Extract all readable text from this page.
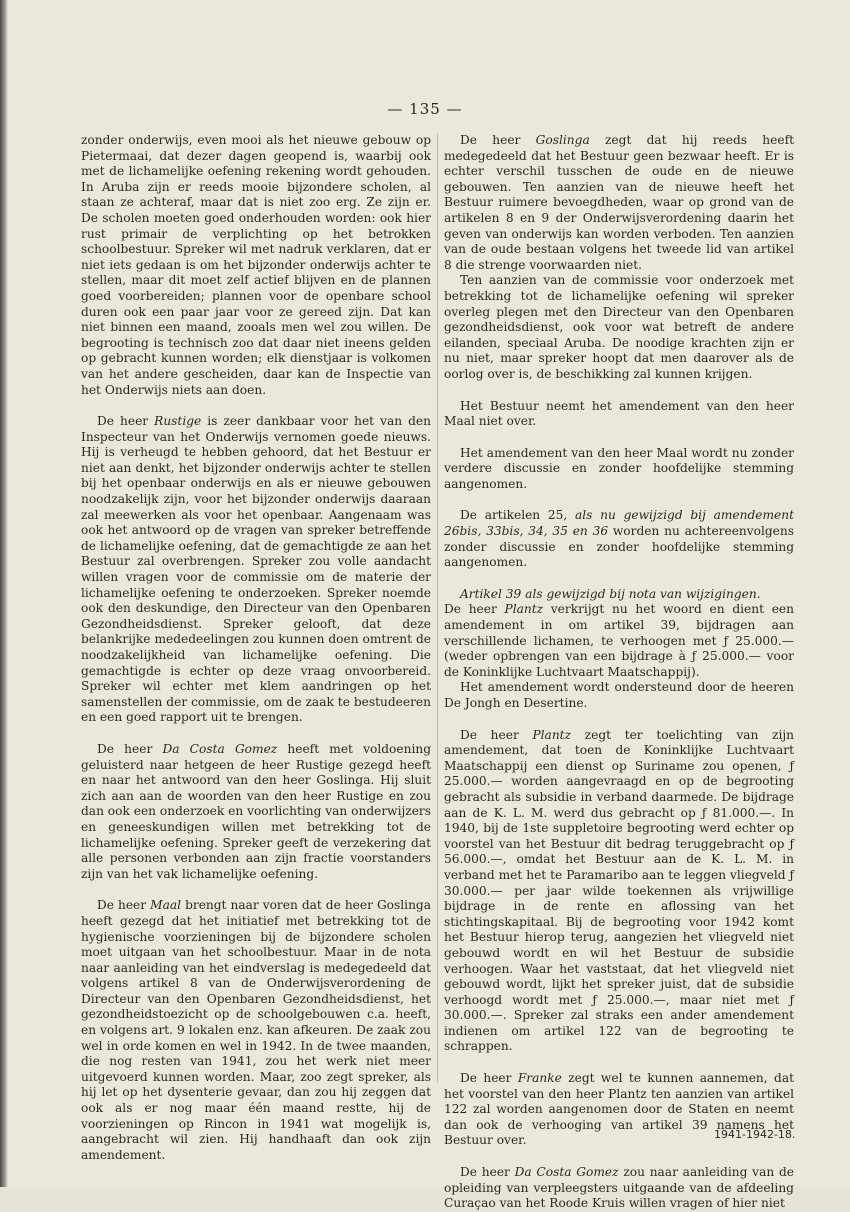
— 135 —

zonder onderwijs, even mooi als het nieuwe gebouw op Pietermaai, dat dezer dagen geopend is, waarbij ook met de lichamelijke oefening rekening wordt gehouden. In Aruba zijn er reeds mooie bijzondere scholen, al staan ze achteraf, maar dat is niet zoo erg. Ze zijn er. De scholen moeten goed onderhouden worden: ook hier rust primair de verplichting op het betrokken schoolbestuur. Spreker wil met nadruk verklaren, dat er niet iets gedaan is om het bijzonder onderwijs achter te stellen, maar dit moet zelf actief blijven en de plannen goed voorbereiden; plannen voor de openbare school duren ook een paar jaar voor ze gereed zijn. Dat kan niet binnen een maand, zooals men wel zou willen. De begrooting is technisch zoo dat daar niet ineens gelden op gebracht kunnen worden; elk dienstjaar is volkomen van het andere gescheiden, daar kan de Inspectie van het Onderwijs niets aan doen.

De heer Rustige is zeer dankbaar voor het van den Inspecteur van het Onderwijs vernomen goede nieuws. Hij is verheugd te hebben gehoord, dat het Bestuur er niet aan denkt, het bijzonder onderwijs achter te stellen bij het openbaar onderwijs en als er nieuwe gebouwen noodzakelijk zijn, voor het bijzonder onderwijs daaraan zal meewerken als voor het openbaar. Aangenaam was ook het antwoord op de vragen van spreker betreffende de lichamelijke oefening, dat de gemachtigde ze aan het Bestuur zal overbrengen. Spreker zou volle aandacht willen vragen voor de commissie om de materie der lichamelijke oefening te onderzoeken. Spreker noemde ook den deskundige, den Directeur van den Openbaren Gezondheidsdienst. Spreker gelooft, dat deze belankrijke mededeelingen zou kunnen doen omtrent de noodzakelijkheid van lichamelijke oefening. Die gemachtigde is echter op deze vraag onvoorbereid. Spreker wil echter met klem aandringen op het samenstellen der commissie, om de zaak te bestudeeren en een goed rapport uit te brengen.

De heer Da Costa Gomez heeft met voldoening geluisterd naar hetgeen de heer Rustige gezegd heeft en naar het antwoord van den heer Goslinga. Hij sluit zich aan aan de woorden van den heer Rustige en zou dan ook een onderzoek en voorlichting van onderwijzers en geneeskundigen willen met betrekking tot de lichamelijke oefening. Spreker geeft de verzekering dat alle personen verbonden aan zijn fractie voorstanders zijn van het vak lichamelijke oefening.

De heer Maal brengt naar voren dat de heer Goslinga heeft gezegd dat het initiatief met betrekking tot de hygienische voorzieningen bij de bijzondere scholen moet uitgaan van het schoolbestuur. Maar in de nota naar aanleiding van het eindverslag is medegedeeld dat volgens artikel 8 van de Onderwijsverordening de Directeur van den Openbaren Gezondheidsdienst, het gezondheidstoezicht op de schoolgebouwen c.a. heeft, en volgens art. 9 lokalen enz. kan afkeuren. De zaak zou wel in orde komen en wel in 1942. In de twee maanden, die nog resten van 1941, zou het werk niet meer uitgevoerd kunnen worden. Maar, zoo zegt spreker, als hij let op het dysenterie gevaar, dan zou hij zeggen dat ook als er nog maar één maand restte, hij de voorzieningen op Rincon in 1941 wat mogelijk is, aangebracht wil zien. Hij handhaaft dan ook zijn amendement.

De heer Goslinga zegt dat hij reeds heeft medegedeeld dat het Bestuur geen bezwaar heeft. Er is echter verschil tusschen de oude en de nieuwe gebouwen. Ten aanzien van de nieuwe heeft het Bestuur ruimere bevoegdheden, waar op grond van de artikelen 8 en 9 der Onderwijsverordening daarin het geven van onderwijs kan worden verboden. Ten aanzien van de oude bestaan volgens het tweede lid van artikel 8 die strenge voorwaarden niet.

Ten aanzien van de commissie voor onderzoek met betrekking tot de lichamelijke oefening wil spreker overleg plegen met den Directeur van den Openbaren gezondheidsdienst, ook voor wat betreft de andere eilanden, speciaal Aruba. De noodige krachten zijn er nu niet, maar spreker hoopt dat men daarover als de oorlog over is, de beschikking zal kunnen krijgen.

Het Bestuur neemt het amendement van den heer Maal niet over.

Het amendement van den heer Maal wordt nu zonder verdere discussie en zonder hoofdelijke stemming aangenomen.

De artikelen 25, als nu gewijzigd bij amendement 26bis, 33bis, 34, 35 en 36 worden nu achtereenvolgens zonder discussie en zonder hoofdelijke stemming aangenomen.

Artikel 39 als gewijzigd bij nota van wijzigingen.

De heer Plantz verkrijgt nu het woord en dient een amendement in om artikel 39, bijdragen aan verschillende lichamen, te verhoogen met ƒ 25.000.— (weder opbrengen van een bijdrage à ƒ 25.000.— voor de Koninklijke Luchtvaart Maatschappij).

Het amendement wordt ondersteund door de heeren De Jongh en Desertine.

De heer Plantz zegt ter toelichting van zijn amendement, dat toen de Koninklijke Luchtvaart Maatschappij een dienst op Suriname zou openen, ƒ 25.000.— worden aangevraagd en op de begrooting gebracht als subsidie in verband daarmede. De bijdrage aan de K. L. M. werd dus gebracht op ƒ 81.000.—. In 1940, bij de 1ste suppletoire begrooting werd echter op voorstel van het Bestuur dit bedrag teruggebracht op ƒ 56.000.—, omdat het Bestuur aan de K. L. M. in verband met het te Paramaribo aan te leggen vliegveld ƒ 30.000.— per jaar wilde toekennen als vrijwillige bijdrage in de rente en aflossing van het stichtingskapitaal. Bij de begrooting voor 1942 komt het Bestuur hierop terug, aangezien het vliegveld niet gebouwd wordt en wil het Bestuur de subsidie verhoogen. Waar het vaststaat, dat het vliegveld niet gebouwd wordt, lijkt het spreker juist, dat de subsidie verhoogd wordt met ƒ 25.000.—, maar niet met ƒ 30.000.—. Spreker zal straks een ander amendement indienen om artikel 122 van de begrooting te schrappen.

De heer Franke zegt wel te kunnen aannemen, dat het voorstel van den heer Plantz ten aanzien van artikel 122 zal worden aangenomen door de Staten en neemt dan ook de verhooging van artikel 39 namens het Bestuur over.

De heer Da Costa Gomez zou naar aanleiding van de opleiding van verpleegsters uitgaande van de afdeeling Curaçao van het Roode Kruis willen vragen of hier niet

1941-1942-18.
